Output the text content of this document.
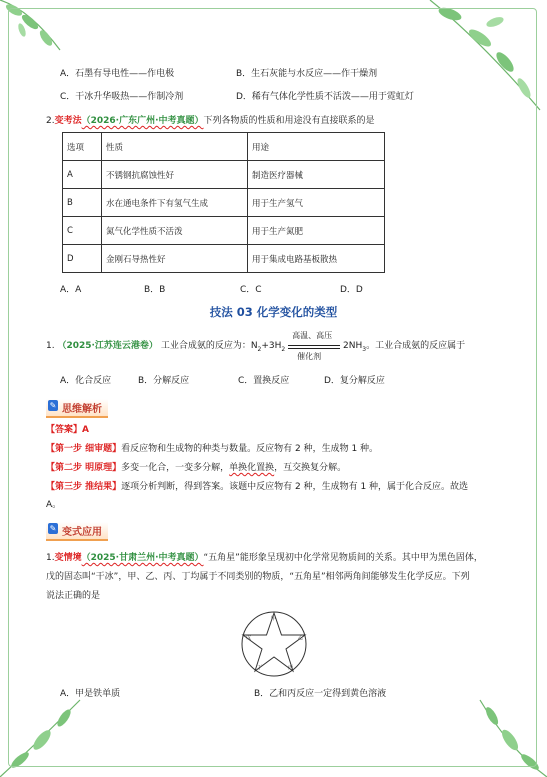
A．石墨有导电性——作电极	B．生石灰能与水反应——作干燥剂
C．干冰升华吸热——作制冷剂	D．稀有气体化学性质不活泼——用于霓虹灯
2.变考法（2026·广东广州·中考真题）下列各物质的性质和用途没有直接联系的是
选项	性质	用途
A	不锈钢抗腐蚀性好	制造医疗器械
B	水在通电条件下有氢气生成	用于生产氢气
C	氮气化学性质不活泼	用于生产氮肥
D	金刚石导热性好	用于集成电路基板散热
A．A	B．B	C．C	D．D
技法 03 化学变化的类型
1. （2025·江苏连云港卷） 工业合成氨的反应为：$N_2+3H_2$
高温、高压
催化剂
$2NH_3$。工业合成氨的反应属于
A．化合反应	B．分解反应	C．置换反应	D．复分解反应
✎ 思维解析
【答案】A
【第一步 细审题】看反应物和生成物的种类与数量。反应物有 2 种，生成物 1 种。
【第二步 明原理】多变一化合，一变多分解，单换化置换，互交换复分解。
【第三步 推结果】逐项分析判断，得到答案。该题中反应物有 2 种，生成物有 1 种，属于化合反应。故选
A。
✎ 变式应用
1.变情境（2025·甘肃兰州·中考真题）“五角星”能形象呈现初中化学常见物质间的关系。其中甲为黑色固体，
戊的固态叫“干冰”，甲、乙、丙、丁均属于不同类别的物质，“五角星”相邻两角间能够发生化学反应。下列
说法正确的是
甲
乙
丙
丁
戊
A．甲是铁单质	B．乙和丙反应一定得到黄色溶液
